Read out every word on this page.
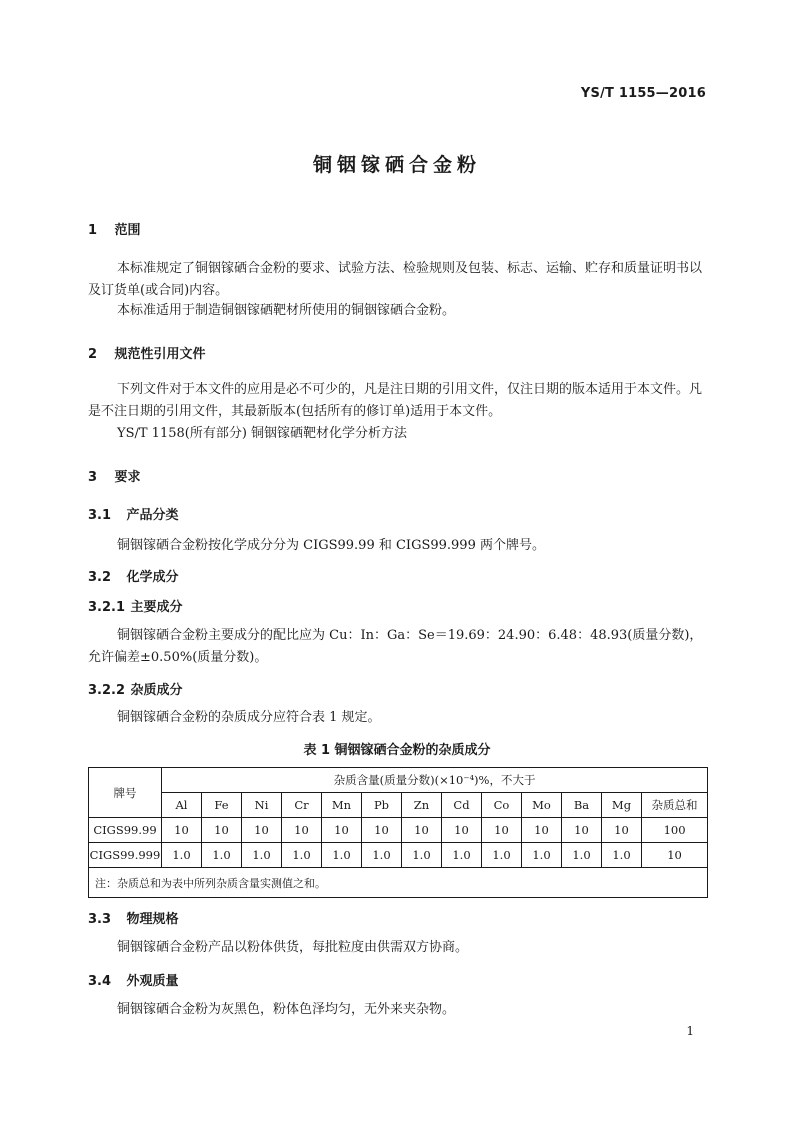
YS/T 1155—2016
铜铟镓硒合金粉
1 范围
本标准规定了铜铟镓硒合金粉的要求、试验方法、检验规则及包装、标志、运输、贮存和质量证明书以及订货单(或合同)内容。
本标准适用于制造铜铟镓硒靶材所使用的铜铟镓硒合金粉。
2 规范性引用文件
下列文件对于本文件的应用是必不可少的，凡是注日期的引用文件，仅注日期的版本适用于本文件。凡是不注日期的引用文件，其最新版本(包括所有的修订单)适用于本文件。
YS/T 1158(所有部分) 铜铟镓硒靶材化学分析方法
3 要求
3.1 产品分类
铜铟镓硒合金粉按化学成分分为 CIGS99.99 和 CIGS99.999 两个牌号。
3.2 化学成分
3.2.1 主要成分
铜铟镓硒合金粉主要成分的配比应为 Cu：In：Ga：Se＝19.69：24.90：6.48：48.93(质量分数)，允许偏差±0.50%(质量分数)。
3.2.2 杂质成分
铜铟镓硒合金粉的杂质成分应符合表 1 规定。
表 1 铜铟镓硒合金粉的杂质成分
牌号	杂质含量(质量分数)(×10⁻⁴)%，不大于												
	Al	Fe	Ni	Cr	Mn	Pb	Zn	Cd	Co	Mo	Ba	Mg	杂质总和
CIGS99.99	10	10	10	10	10	10	10	10	10	10	10	10	100
CIGS99.999	1.0	1.0	1.0	1.0	1.0	1.0	1.0	1.0	1.0	1.0	1.0	1.0	10
注：杂质总和为表中所列杂质含量实测值之和。													
3.3 物理规格
铜铟镓硒合金粉产品以粉体供货，每批粒度由供需双方协商。
3.4 外观质量
铜铟镓硒合金粉为灰黑色，粉体色泽均匀，无外来夹杂物。
1
